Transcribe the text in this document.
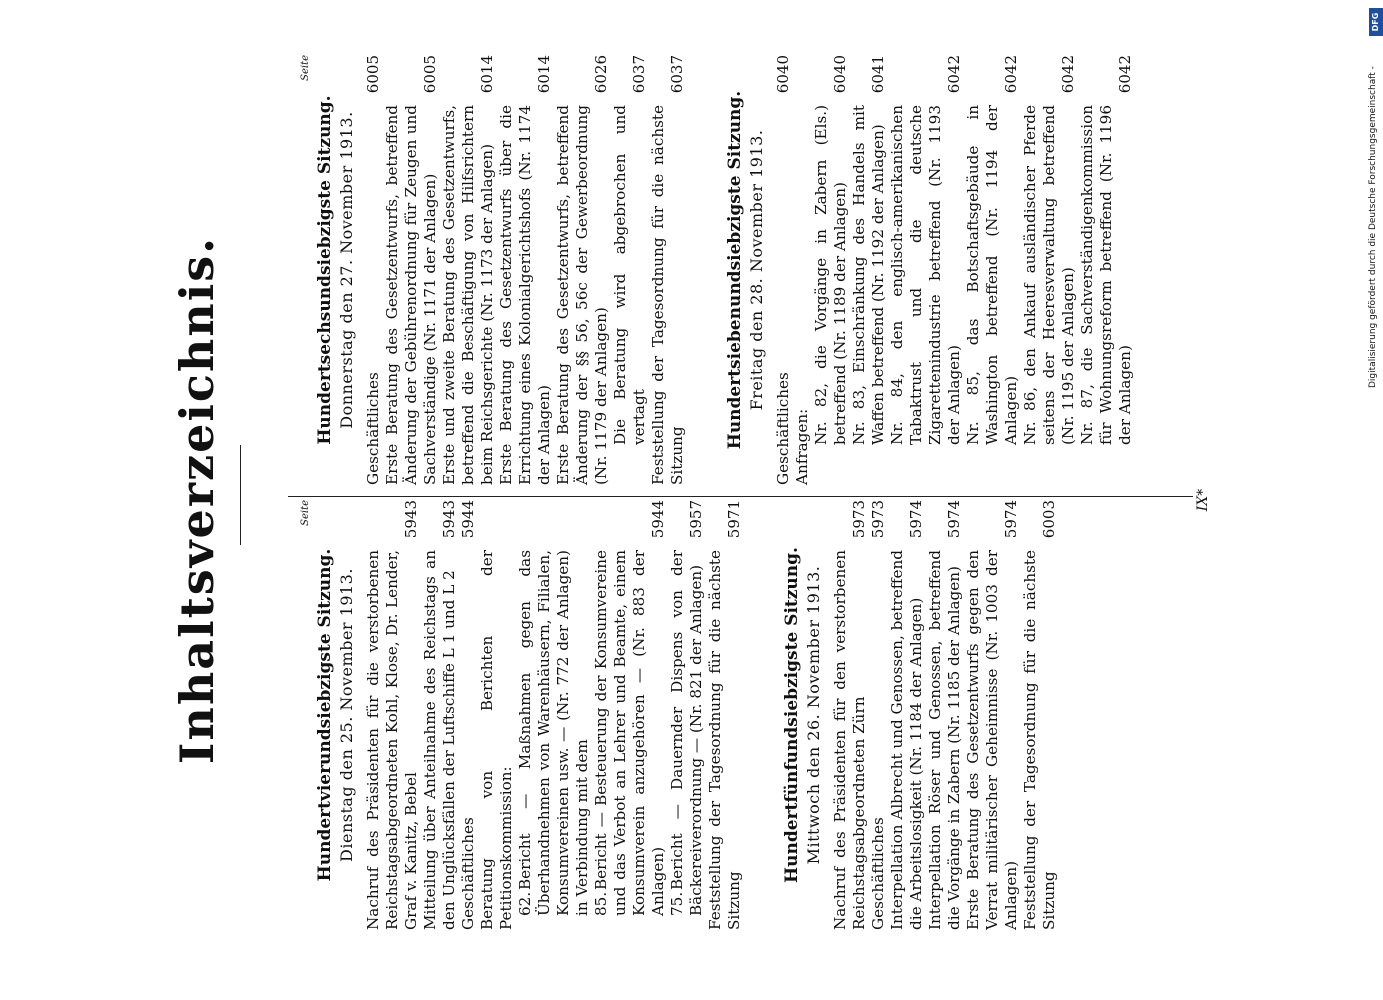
Inhaltsverzeichnis.	Seite
Hundertvierundsiebzigste Sitzung. Dienstag den 25. November 1913. Nachruf des Präsidenten für die verstorbenen Reichstagsabgeordneten Kohl, Klose, Dr. Lender, Graf v. Kanitz, Bebel
5943
Mitteilung über Anteilnahme des Reichstags an den Unglücksfällen der Luftschiffe L 1 und L 2
5943
Geschäftliches
5944
Beratung von Berichten der Petitionskommission: 62.Bericht — Maßnahmen gegen das Überhandnehmen von Warenhäusern, Filialen, Konsumvereinen usw. — (Nr. 772 der Anlagen) in Verbindung mit dem 85.Bericht — Besteuerung der Konsumvereine und das Verbot an Lehrer und Beamte, einem Konsumverein anzugehören — (Nr. 883 der Anlagen)
5944
75.Bericht — Dauernder Dispens von der Bäckereiverordnung — (Nr. 821 der Anlagen)
5957
Feststellung der Tagesordnung für die nächste Sitzung
5971
Hundertfünfundsiebzigste Sitzung. Mittwoch den 26. November 1913. Nachruf des Präsidenten für den verstorbenen Reichstagsabgeordneten Zürn
5973
Geschäftliches
5973
Interpellation Albrecht und Genossen, betreffend die Arbeitslosigkeit (Nr. 1184 der Anlagen)
5974
Interpellation Röser und Genossen, betreffend die Vorgänge in Zabern (Nr. 1185 der Anlagen)
5974
Erste Beratung des Gesetzentwurfs gegen den Verrat militärischer Geheimnisse (Nr. 1003 der Anlagen)
5974
Feststellung der Tagesordnung für die nächste Sitzung
6003
Seite
Hundertsechsundsiebzigste Sitzung. Donnerstag den 27. November 1913. Geschäftliches
6005
Erste Beratung des Gesetzentwurfs, betreffend Änderung der Gebührenordnung für Zeugen und Sachverständige (Nr. 1171 der Anlagen)
6005
Erste und zweite Beratung des Gesetzentwurfs, betreffend die Beschäftigung von Hilfsrichtern beim Reichsgerichte (Nr. 1173 der Anlagen)
6014
Erste Beratung des Gesetzentwurfs über die Errichtung eines Kolonialgerichtshofs (Nr. 1174 der Anlagen)
6014
Erste Beratung des Gesetzentwurfs, betreffend Änderung der §§ 56, 56c der Gewerbeordnung (Nr. 1179 der Anlagen)
6026
Die Beratung wird abgebrochen und vertagt
6037
Feststellung der Tagesordnung für die nächste Sitzung
6037
Hundertsiebenundsiebzigste Sitzung. Freitag den 28. November 1913.
Geschäftliches
6040
Anfragen:
Nr. 82, die Vorgänge in Zabern (Els.) betreffend (Nr. 1189 der Anlagen)
6040
Nr. 83, Einschränkung des Handels mit Waffen betreffend (Nr. 1192 der Anlagen)
6041
Nr. 84, den englisch-amerikanischen Tabaktrust und die deutsche Zigarettenindustrie betreffend (Nr. 1193 der Anlagen)
6042
Nr. 85, das Botschaftsgebäude in Washington betreffend (Nr. 1194 der Anlagen)
6042
Nr. 86, den Ankauf ausländischer Pferde seitens der Heeresverwaltung betreffend (Nr. 1195 der Anlagen)
6042
Nr. 87, die Sachverständigenkommission für Wohnungsreform betreffend (Nr. 1196 der Anlagen)
6042
IX*
Digitalisierung gefördert durch die Deutsche Forschungsgemeinschaft -
DFG
